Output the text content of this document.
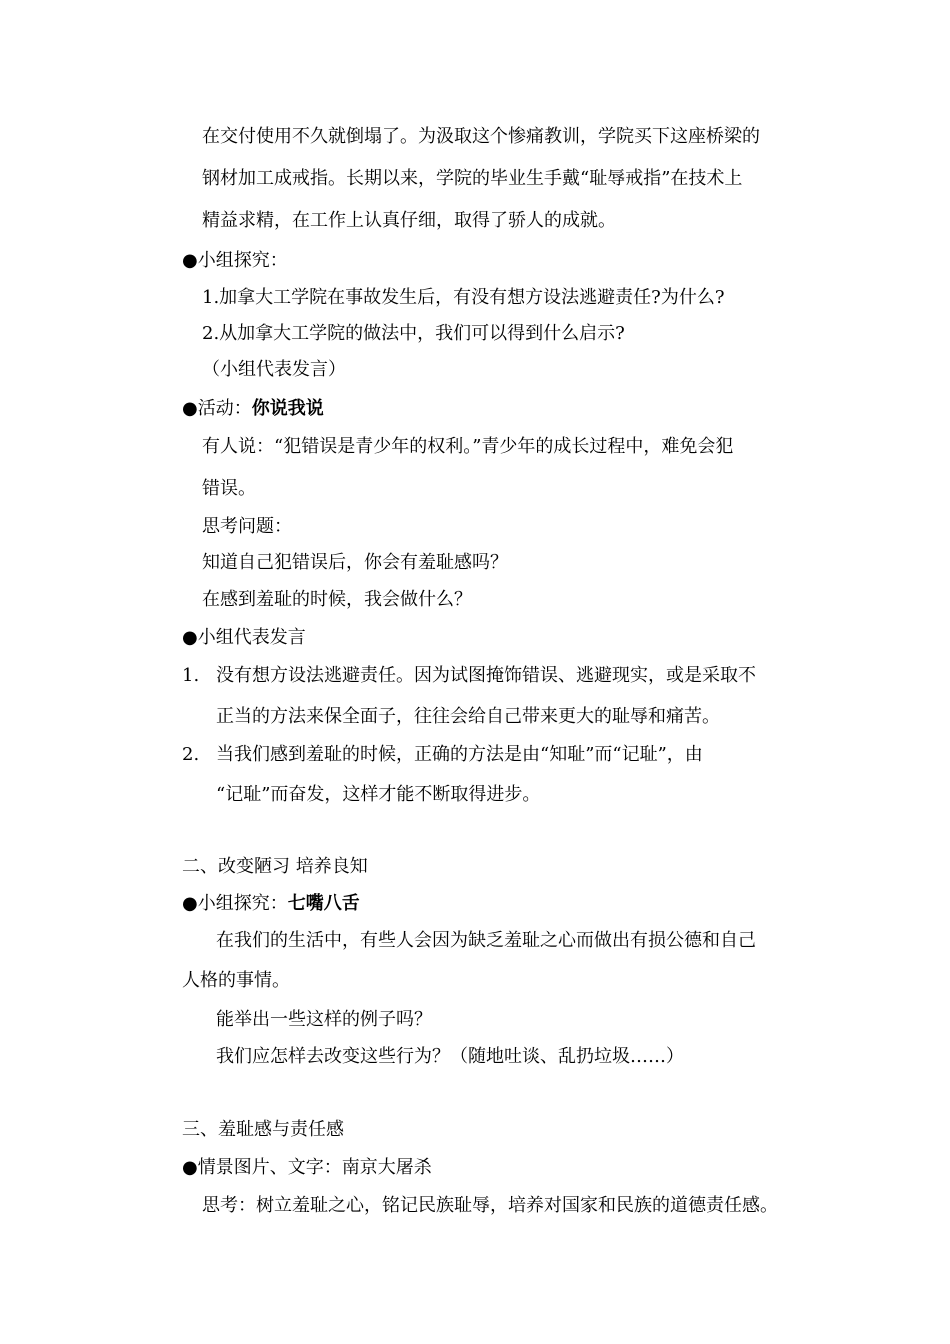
在交付使用不久就倒塌了。为汲取这个惨痛教训，学院买下这座桥梁的
钢材加工成戒指。长期以来，学院的毕业生手戴“耻辱戒指”在技术上
精益求精，在工作上认真仔细，取得了骄人的成就。
●小组探究：
1.加拿大工学院在事故发生后，有没有想方设法逃避责任?为什么?
2.从加拿大工学院的做法中，我们可以得到什么启示?
（小组代表发言）
●活动：你说我说
有人说：“犯错误是青少年的权利。”青少年的成长过程中，难免会犯
错误。
思考问题：
知道自己犯错误后，你会有羞耻感吗？
在感到羞耻的时候，我会做什么？
●小组代表发言
1. 没有想方设法逃避责任。因为试图掩饰错误、逃避现实，或是采取不
正当的方法来保全面子，往往会给自己带来更大的耻辱和痛苦。
2. 当我们感到羞耻的时候，正确的方法是由“知耻”而“记耻”，由
“记耻”而奋发，这样才能不断取得进步。
二、改变陋习 培养良知
●小组探究：七嘴八舌
在我们的生活中，有些人会因为缺乏羞耻之心而做出有损公德和自己
人格的事情。
能举出一些这样的例子吗？
我们应怎样去改变这些行为？（随地吐谈、乱扔垃圾……）
三、羞耻感与责任感
●情景图片、文字：南京大屠杀
思考：树立羞耻之心，铭记民族耻辱，培养对国家和民族的道德责任感。
